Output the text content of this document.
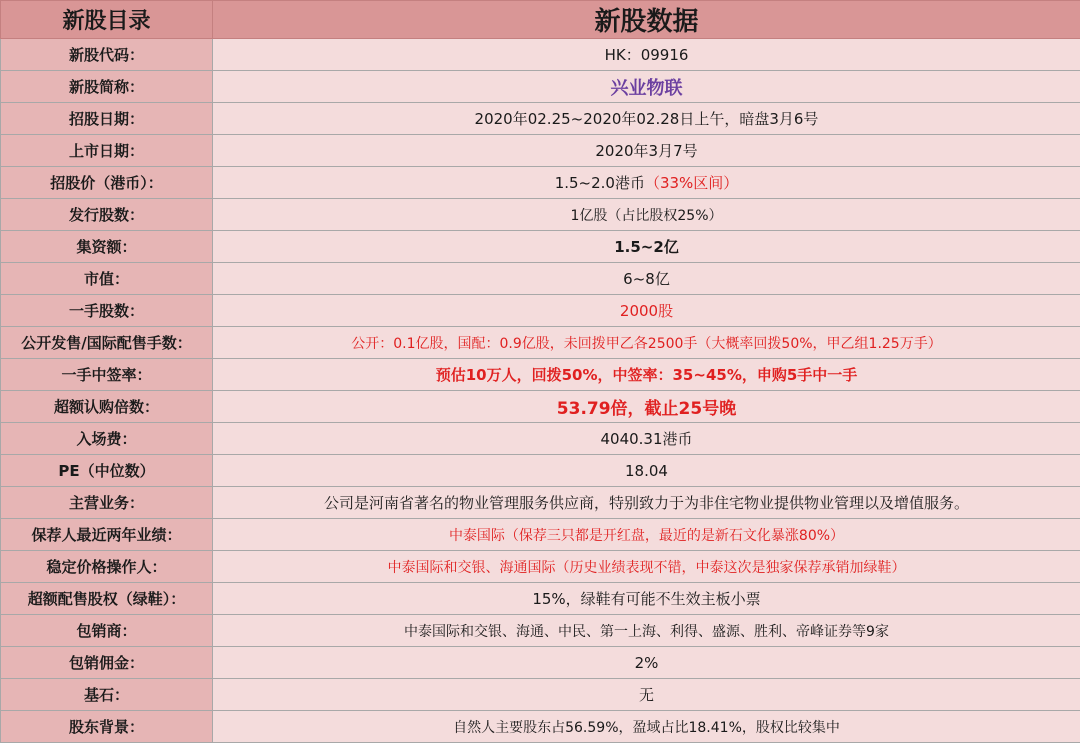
新股目录	新股数据
新股代码：	HK：09916
新股简称：	兴业物联
招股日期：	2020年02.25~2020年02.28日上午，暗盘3月6号
上市日期：	2020年3月7号
招股价（港币）：	1.5~2.0港币（33%区间）
发行股数：	1亿股（占比股权25%）
集资额：	1.5~2亿
市值：	6~8亿
一手股数：	2000股
公开发售/国际配售手数：	公开：0.1亿股，国配：0.9亿股，未回拨甲乙各2500手（大概率回拨50%，甲乙组1.25万手）
一手中签率：	预估10万人，回拨50%，中签率：35~45%，申购5手中一手
超额认购倍数：	53.79倍，截止25号晚
入场费：	4040.31港币
PE（中位数）	18.04
主营业务：	公司是河南省著名的物业管理服务供应商，特别致力于为非住宅物业提供物业管理以及增值服务。
保荐人最近两年业绩：	中泰国际（保荐三只都是开红盘，最近的是新石文化暴涨80%）
稳定价格操作人：	中泰国际和交银、海通国际（历史业绩表现不错，中泰这次是独家保荐承销加绿鞋）
超额配售股权（绿鞋）：	15%，绿鞋有可能不生效主板小票
包销商：	中泰国际和交银、海通、中民、第一上海、利得、盛源、胜利、帝峰证券等9家
包销佣金：	2%
基石：	无
股东背景：	自然人主要股东占56.59%，盈域占比18.41%，股权比较集中
